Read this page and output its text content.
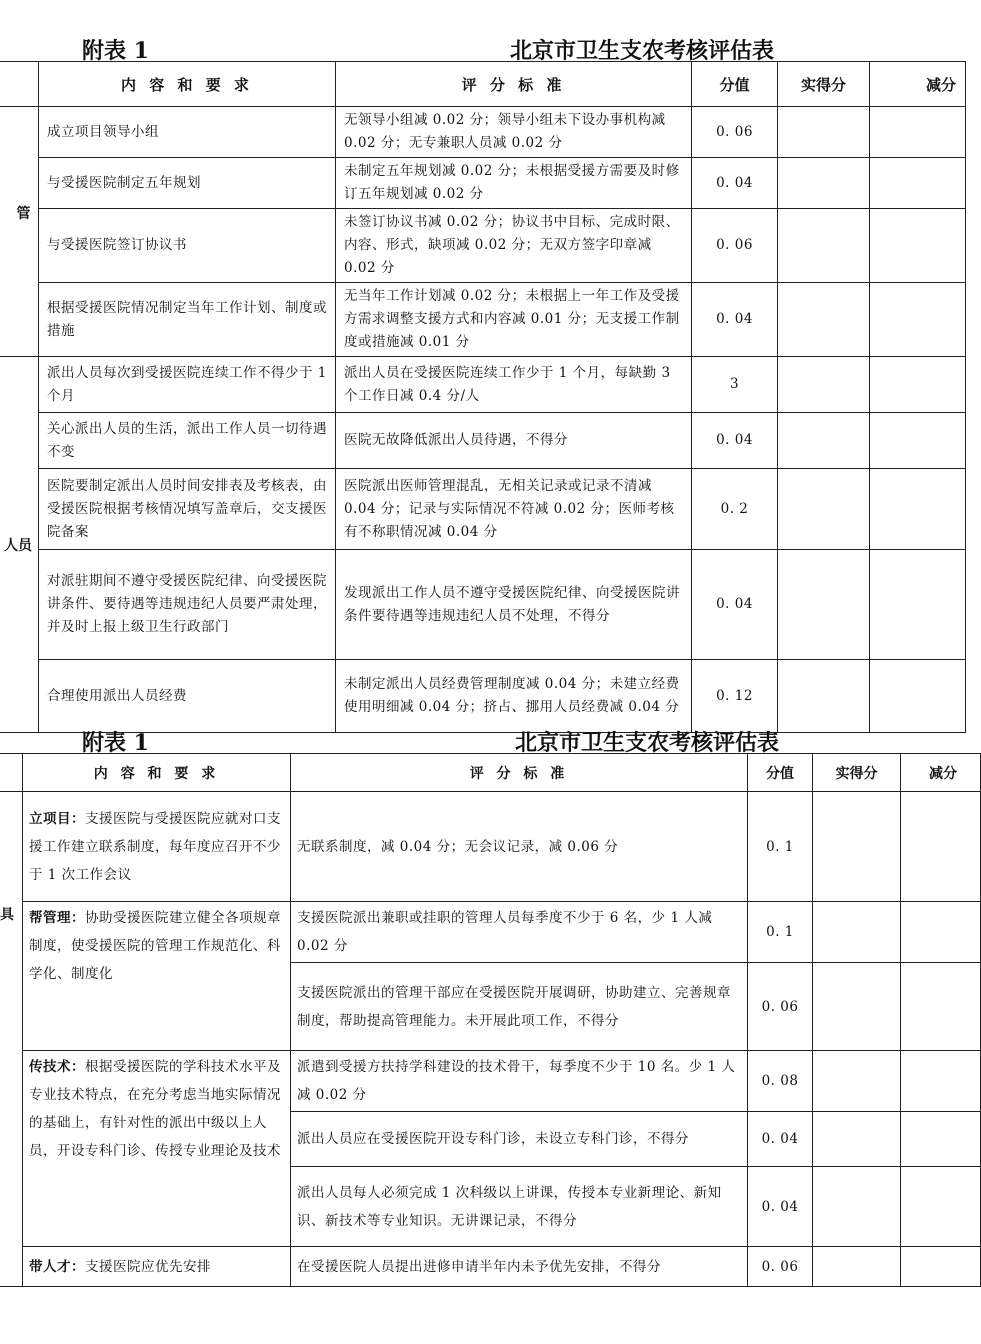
附表 1	北京市卫生支农考核评估表
	内 容 和 要 求	评 分 标 准	分值	实得分	减分
管	成立项目领导小组	无领导小组减 0.02 分；领导小组未下设办事机构减 0.02 分；无专兼职人员减 0.02 分	0. 06		

	与受援医院制定五年规划	未制定五年规划减 0.02 分；未根据受援方需要及时修订五年规划减 0.02 分	0. 04		

	与受援医院签订协议书	未签订协议书减 0.02 分；协议书中目标、完成时限、内容、形式，缺项减 0.02 分；无双方签字印章减 0.02 分	0. 06		

	根据受援医院情况制定当年工作计划、制度或措施	无当年工作计划减 0.02 分；未根据上一年工作及受援方需求调整支援方式和内容减 0.01 分；无支援工作制度或措施减 0.01 分	0. 04		

人员	派出人员每次到受援医院连续工作不得少于 1 个月	派出人员在受援医院连续工作少于 1 个月，每缺勤 3 个工作日减 0.4 分/人	3		

	关心派出人员的生活，派出工作人员一切待遇不变	医院无故降低派出人员待遇，不得分	0. 04		

	医院要制定派出人员时间安排表及考核表，由受援医院根据考核情况填写盖章后，交支援医院备案	医院派出医师管理混乱，无相关记录或记录不清减 0.04 分；记录与实际情况不符减 0.02 分；医师考核有不称职情况减 0.04 分	0. 2		

	对派驻期间不遵守受援医院纪律、向受援医院讲条件、要待遇等违规违纪人员要严肃处理，并及时上报上级卫生行政部门	发现派出工作人员不遵守受援医院纪律、向受援医院讲条件要待遇等违规违纪人员不处理，不得分	0. 04		

	合理使用派出人员经费	未制定派出人员经费管理制度减 0.04 分；未建立经费使用明细减 0.04 分；挤占、挪用人员经费减 0.04 分	0. 12		

附表 1	北京市卫生支农考核评估表
	内 容 和 要 求	评 分 标 准	分值	实得分	减分
具	立项目：支援医院与受援医院应就对口支援工作建立联系制度，每年度应召开不少于 1 次工作会议	无联系制度，减 0.04 分；无会议记录，减 0.06 分	0. 1		

	帮管理：协助受援医院建立健全各项规章制度，使受援医院的管理工作规范化、科学化、制度化	支援医院派出兼职或挂职的管理人员每季度不少于 6 名，少 1 人减 0.02 分	0. 1		

		支援医院派出的管理干部应在受援医院开展调研，协助建立、完善规章制度，帮助提高管理能力。未开展此项工作，不得分	0. 06		

	传技术：根据受援医院的学科技术水平及专业技术特点，在充分考虑当地实际情况的基础上，有针对性的派出中级以上人员，开设专科门诊、传授专业理论及技术	派遣到受援方扶持学科建设的技术骨干，每季度不少于 10 名。少 1 人减 0.02 分	0. 08		

		派出人员应在受援医院开设专科门诊，未设立专科门诊，不得分	0. 04		

		派出人员每人必须完成 1 次科级以上讲课，传授本专业新理论、新知识、新技术等专业知识。无讲课记录，不得分	0. 04		

	带人才：支援医院应优先安排	在受援医院人员提出进修申请半年内未予优先安排，不得分	0. 06		
